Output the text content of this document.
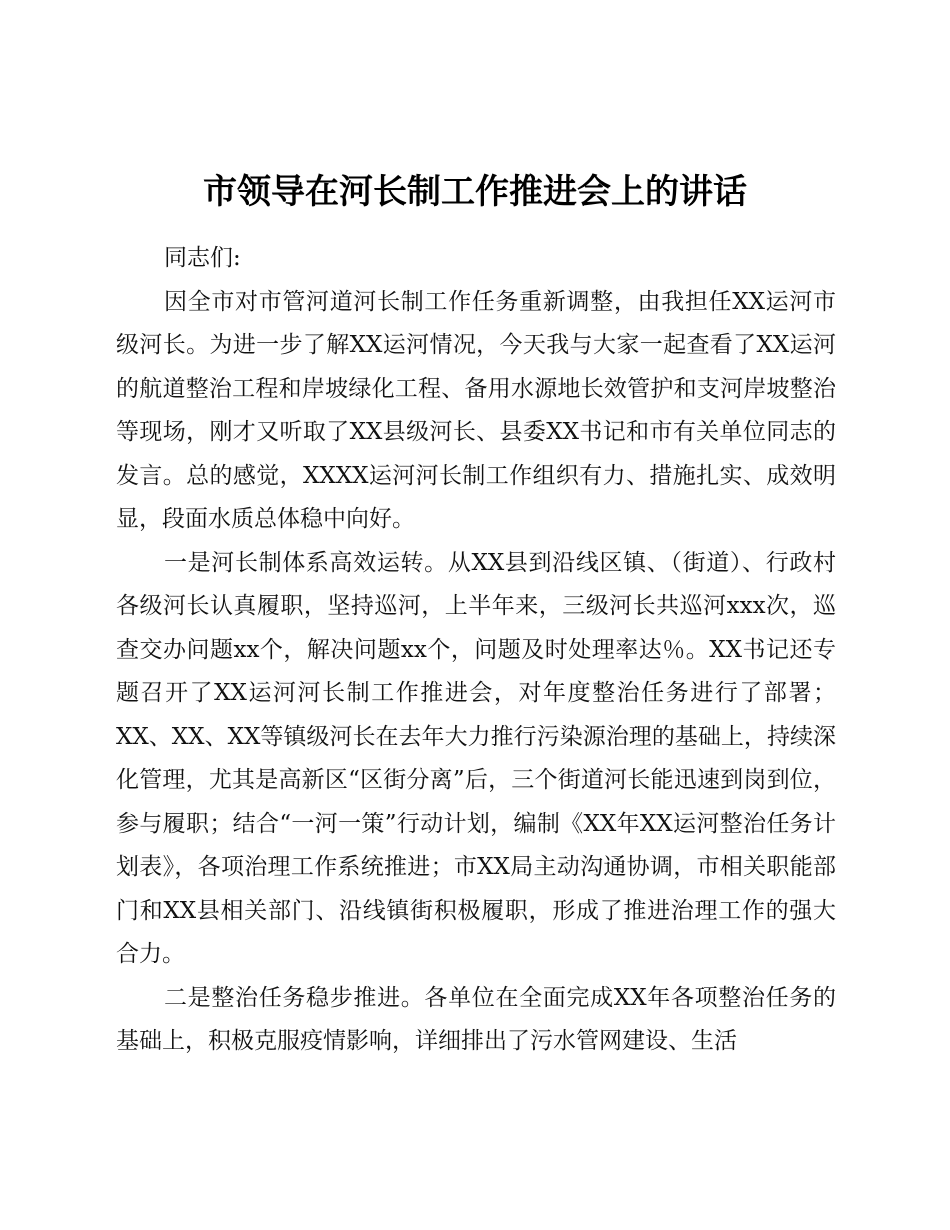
市领导在河长制工作推进会上的讲话

同志们:

因全市对市管河道河长制工作任务重新调整，由我担任XX运河市级河长。为进一步了解XX运河情况，今天我与大家一起查看了XX运河的航道整治工程和岸坡绿化工程、备用水源地长效管护和支河岸坡整治等现场，刚才又听取了XX县级河长、县委XX书记和市有关单位同志的发言。总的感觉，XXXX运河河长制工作组织有力、措施扎实、成效明显，段面水质总体稳中向好。

一是河长制体系高效运转。从XX县到沿线区镇、（街道）、行政村各级河长认真履职，坚持巡河，上半年来，三级河长共巡河xxx次，巡查交办问题xx个，解决问题xx个，问题及时处理率达％。XX书记还专题召开了XX运河河长制工作推进会，对年度整治任务进行了部署；XX、XX、XX等镇级河长在去年大力推行污染源治理的基础上，持续深化管理，尤其是高新区“区街分离”后，三个街道河长能迅速到岗到位，参与履职；结合“一河一策”行动计划，编制《XX年XX运河整治任务计划表》，各项治理工作系统推进；市XX局主动沟通协调，市相关职能部门和XX县相关部门、沿线镇街积极履职，形成了推进治理工作的强大合力。

二是整治任务稳步推进。各单位在全面完成XX年各项整治任务的基础上，积极克服疫情影响，详细排出了污水管网建设、生活
